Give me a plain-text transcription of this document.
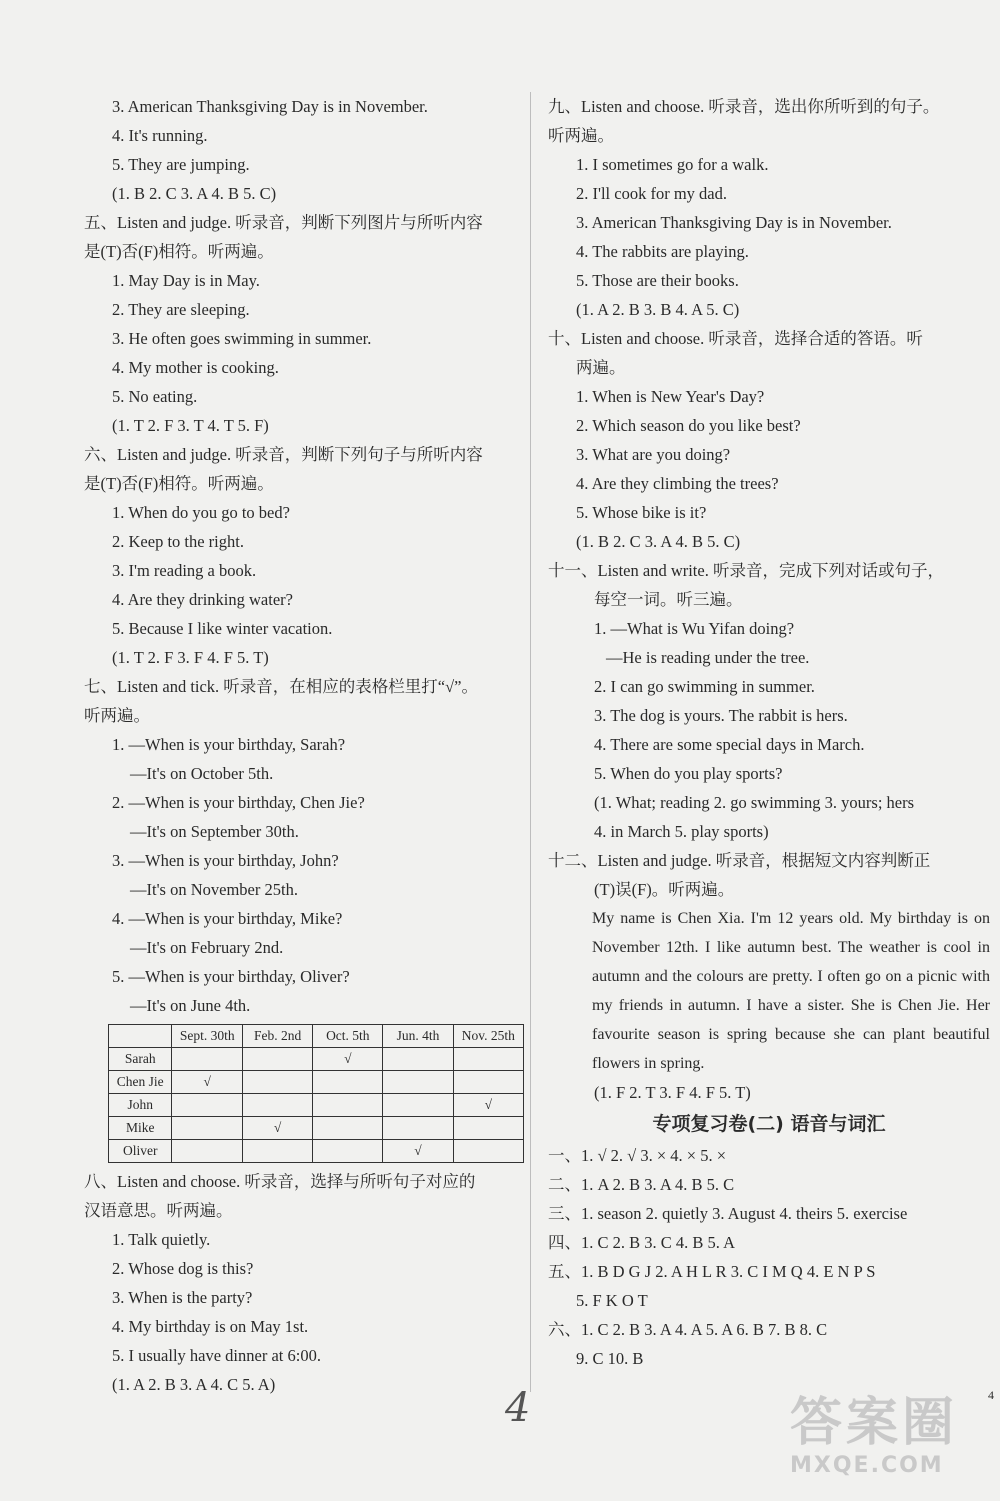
3. American Thanksgiving Day is in November.
4. It's running.
5. They are jumping.
(1. B 2. C 3. A 4. B 5. C)
五、Listen and judge. 听录音，判断下列图片与所听内容
是(T)否(F)相符。听两遍。
1. May Day is in May.
2. They are sleeping.
3. He often goes swimming in summer.
4. My mother is cooking.
5. No eating.
(1. T 2. F 3. T 4. T 5. F)
六、Listen and judge. 听录音，判断下列句子与所听内容
是(T)否(F)相符。听两遍。
1. When do you go to bed?
2. Keep to the right.
3. I'm reading a book.
4. Are they drinking water?
5. Because I like winter vacation.
(1. T 2. F 3. F 4. F 5. T)
七、Listen and tick. 听录音，在相应的表格栏里打“√”。
听两遍。
1. —When is your birthday, Sarah?
—It's on October 5th.
2. —When is your birthday, Chen Jie?
—It's on September 30th.
3. —When is your birthday, John?
—It's on November 25th.
4. —When is your birthday, Mike?
—It's on February 2nd.
5. —When is your birthday, Oliver?
—It's on June 4th.
	Sept. 30th	Feb. 2nd	Oct. 5th	Jun. 4th	Nov. 25th
Sarah			√		
Chen Jie	√				
John					√
Mike		√			
Oliver				√	
八、Listen and choose. 听录音，选择与所听句子对应的
汉语意思。听两遍。
1. Talk quietly.
2. Whose dog is this?
3. When is the party?
4. My birthday is on May 1st.
5. I usually have dinner at 6:00.
(1. A 2. B 3. A 4. C 5. A)
九、Listen and choose. 听录音，选出你所听到的句子。
听两遍。
1. I sometimes go for a walk.
2. I'll cook for my dad.
3. American Thanksgiving Day is in November.
4. The rabbits are playing.
5. Those are their books.
(1. A 2. B 3. B 4. A 5. C)
十、Listen and choose. 听录音，选择合适的答语。听
两遍。
1. When is New Year's Day?
2. Which season do you like best?
3. What are you doing?
4. Are they climbing the trees?
5. Whose bike is it?
(1. B 2. C 3. A 4. B 5. C)
十一、Listen and write. 听录音，完成下列对话或句子，
每空一词。听三遍。
1. —What is Wu Yifan doing?
—He is reading under the tree.
2. I can go swimming in summer.
3. The dog is yours. The rabbit is hers.
4. There are some special days in March.
5. When do you play sports?
(1. What; reading 2. go swimming 3. yours; hers
4. in March 5. play sports)
十二、Listen and judge. 听录音，根据短文内容判断正
(T)误(F)。听两遍。
My name is Chen Xia. I'm 12 years old. My birthday is on November 12th. I like autumn best. The weather is cool in autumn and the colours are pretty. I often go on a picnic with my friends in autumn. I have a sister. She is Chen Jie. Her favourite season is spring because she can plant beautiful flowers in spring.
(1. F 2. T 3. F 4. F 5. T)
专项复习卷(二) 语音与词汇
一、1. √ 2. √ 3. × 4. × 5. ×
二、1. A 2. B 3. A 4. B 5. C
三、1. season 2. quietly 3. August 4. theirs 5. exercise
四、1. C 2. B 3. C 4. B 5. A
五、1. B D G J 2. A H L R 3. C I M Q 4. E N P S
5. F K O T
六、1. C 2. B 3. A 4. A 5. A 6. B 7. B 8. C
9. C 10. B
4	4
答案圈
MXQE.COM
